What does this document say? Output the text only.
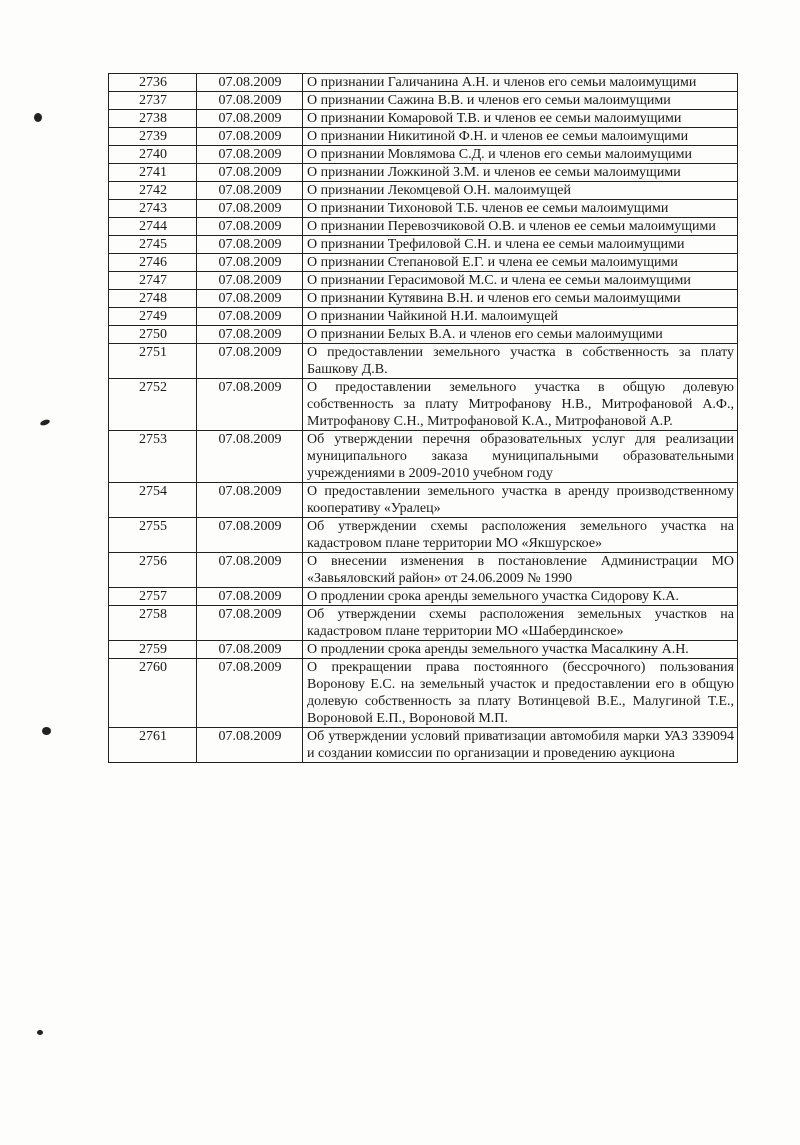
2736	07.08.2009	О признании Галичанина А.Н. и членов его семьи малоимущими
2737	07.08.2009	О признании Сажина В.В. и членов его семьи малоимущими
2738	07.08.2009	О признании Комаровой Т.В. и членов ее семьи малоимущими
2739	07.08.2009	О признании Никитиной Ф.Н. и членов ее семьи малоимущими
2740	07.08.2009	О признании Мовлямова С.Д. и членов его семьи малоимущими
2741	07.08.2009	О признании Ложкиной З.М. и членов ее семьи малоимущими
2742	07.08.2009	О признании Лекомцевой О.Н. малоимущей
2743	07.08.2009	О признании Тихоновой Т.Б. членов ее семьи малоимущими
2744	07.08.2009	О признании Перевозчиковой О.В. и членов ее семьи малоимущими
2745	07.08.2009	О признании Трефиловой С.Н. и члена ее семьи малоимущими
2746	07.08.2009	О признании Степановой Е.Г. и члена ее семьи малоимущими
2747	07.08.2009	О признании Герасимовой М.С. и члена ее семьи малоимущими
2748	07.08.2009	О признании Кутявина В.Н. и членов его семьи малоимущими
2749	07.08.2009	О признании Чайкиной Н.И. малоимущей
2750	07.08.2009	О признании Белых В.А. и членов его семьи малоимущими
2751	07.08.2009	О предоставлении земельного участка в собственность за плату Башкову Д.В.
2752	07.08.2009	О предоставлении земельного участка в общую долевую собственность за плату Митрофанову Н.В., Митрофановой А.Ф., Митрофанову С.Н., Митрофановой К.А., Митрофановой А.Р.
2753	07.08.2009	Об утверждении перечня образовательных услуг для реализации муниципального заказа муниципальными образовательными учреждениями в 2009-2010 учебном году
2754	07.08.2009	О предоставлении земельного участка в аренду производственному кооперативу «Уралец»
2755	07.08.2009	Об утверждении схемы расположения земельного участка на кадастровом плане территории МО «Якшурское»
2756	07.08.2009	О внесении изменения в постановление Администрации МО «Завьяловский район» от 24.06.2009 № 1990
2757	07.08.2009	О продлении срока аренды земельного участка Сидорову К.А.
2758	07.08.2009	Об утверждении схемы расположения земельных участков на кадастровом плане территории МО «Шабердинское»
2759	07.08.2009	О продлении срока аренды земельного участка Масалкину А.Н.
2760	07.08.2009	О прекращении права постоянного (бессрочного) пользования Воронову Е.С. на земельный участок и предоставлении его в общую долевую собственность за плату Вотинцевой В.Е., Малугиной Т.Е., Вороновой Е.П., Вороновой М.П.
2761	07.08.2009	Об утверждении условий приватизации автомобиля марки УАЗ 339094 и создании комиссии по организации и проведению аукциона
